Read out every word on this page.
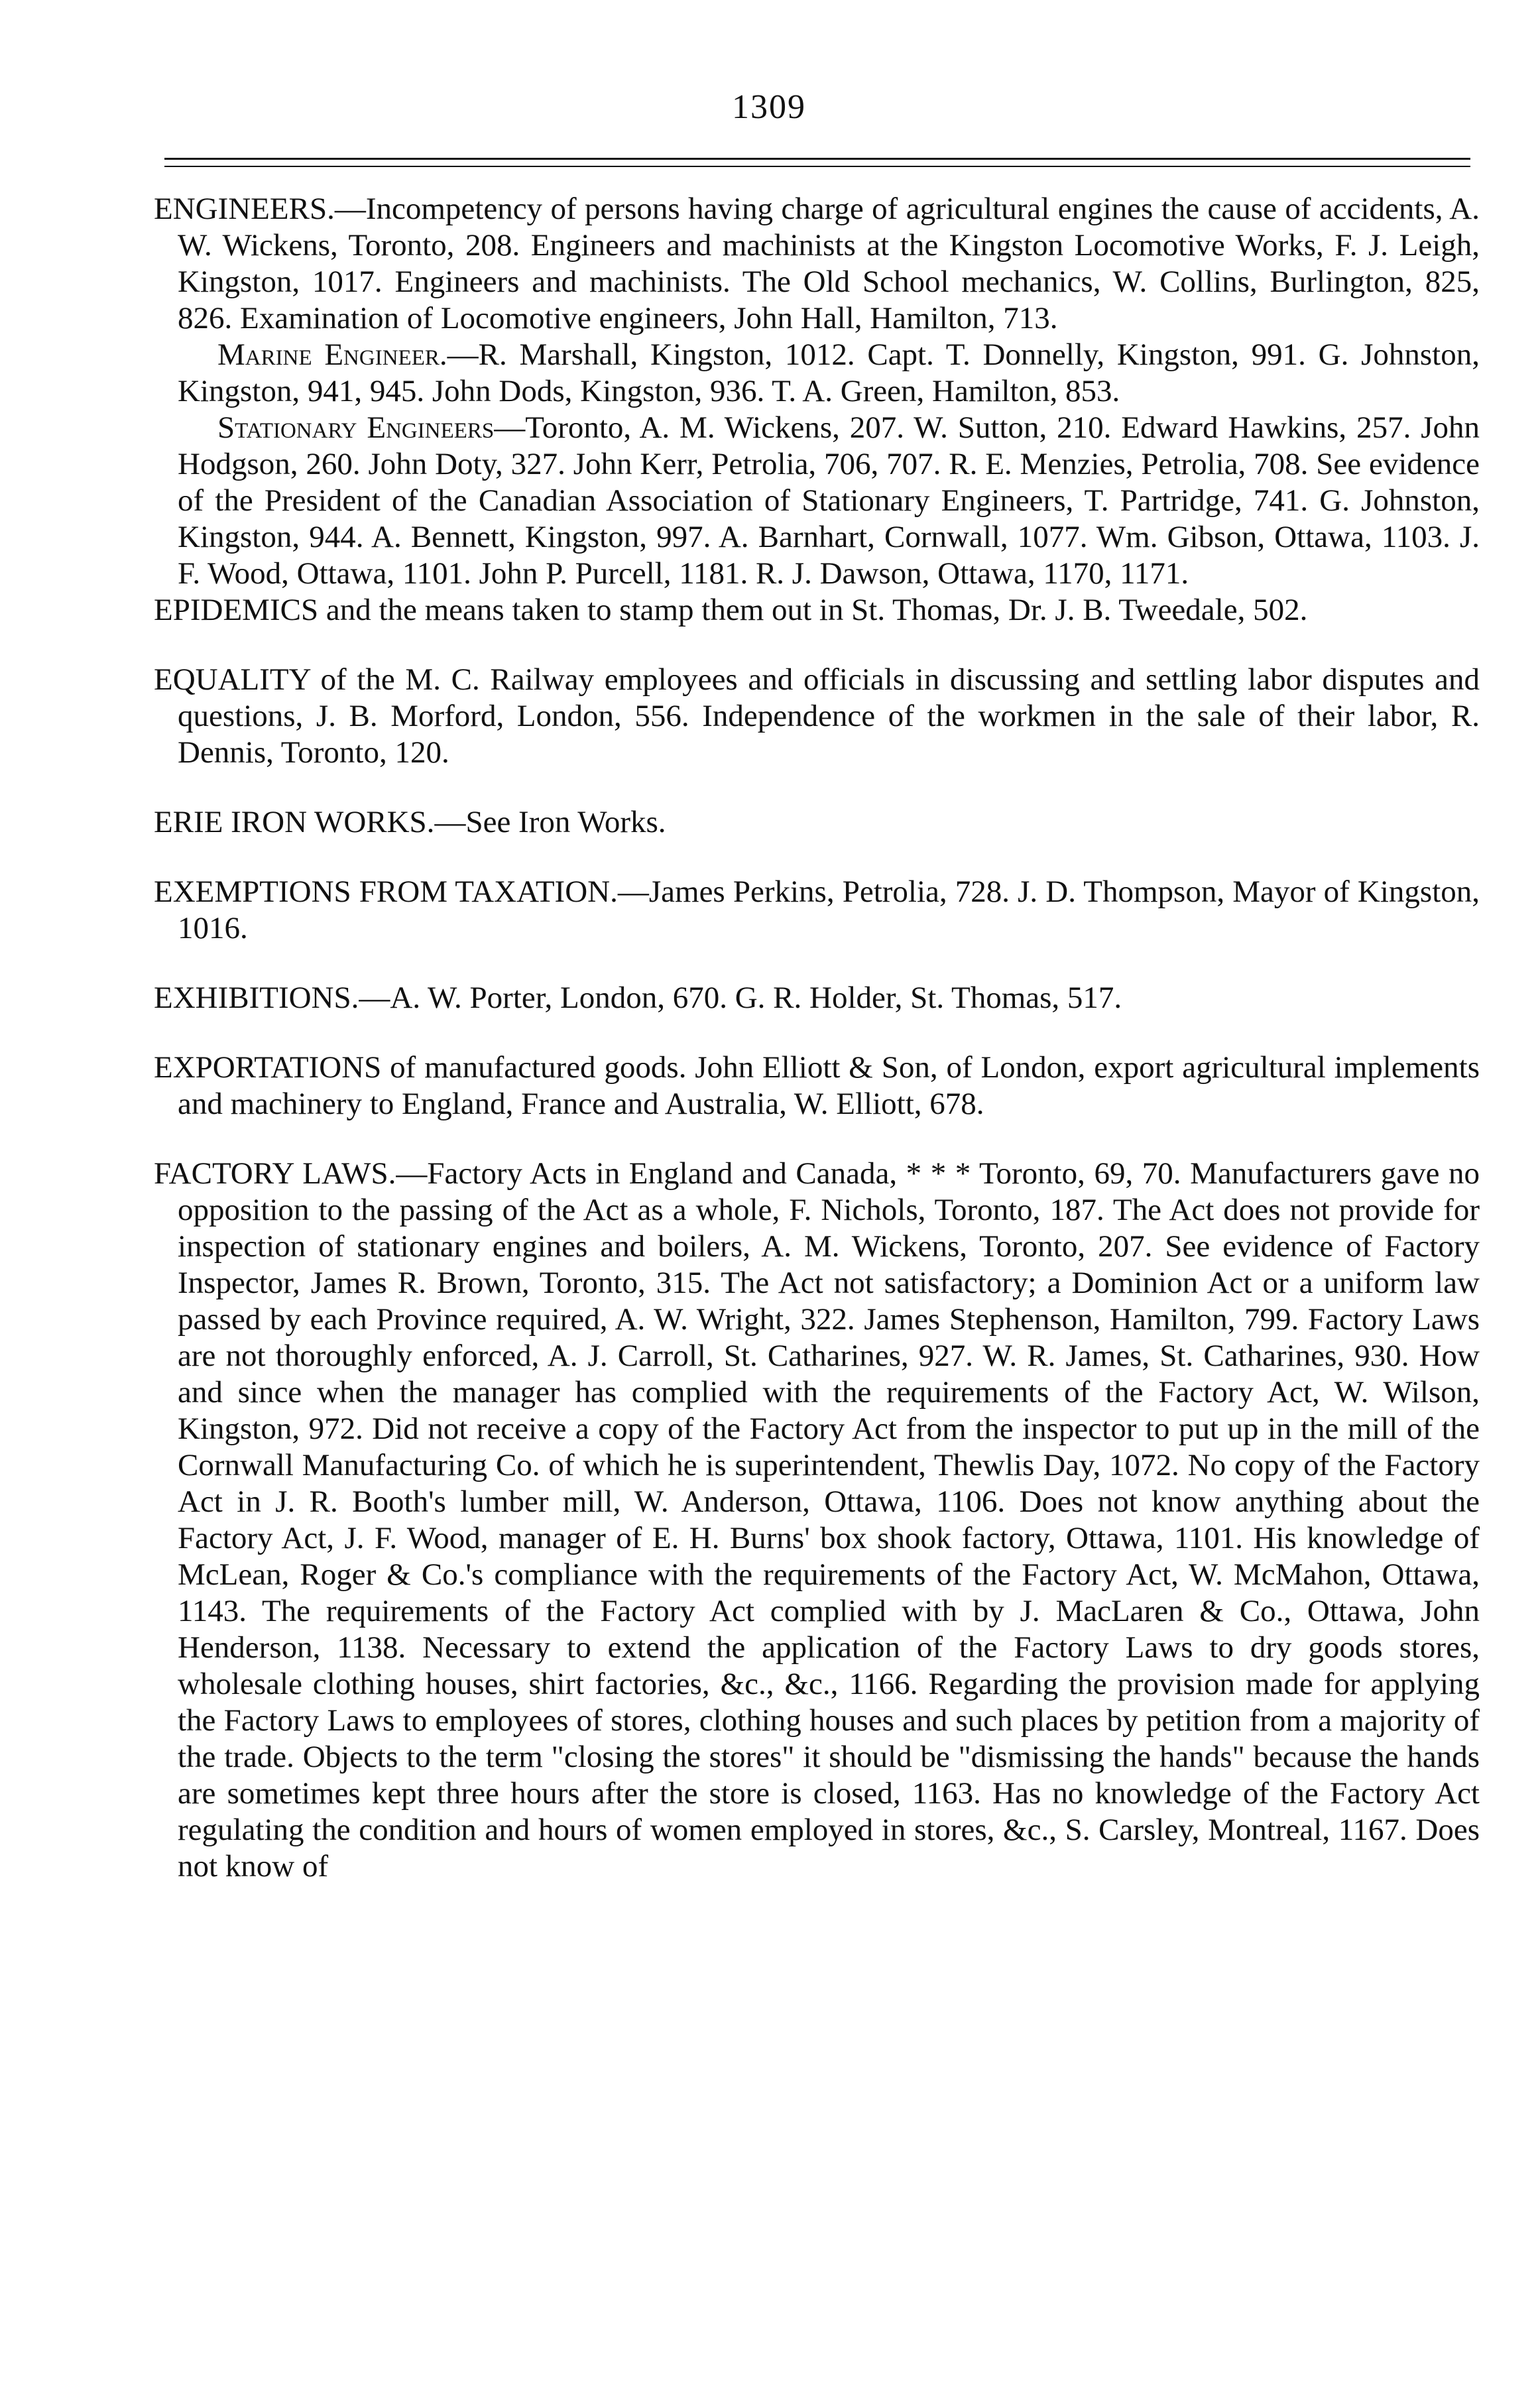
1309

ENGINEERS.—Incompetency of persons having charge of agricultural engines the cause of accidents, A. W. Wickens, Toronto, 208. Engineers and machinists at the Kingston Locomotive Works, F. J. Leigh, Kingston, 1017. Engineers and machinists. The Old School mechanics, W. Collins, Burlington, 825, 826. Examination of Locomotive engineers, John Hall, Hamilton, 713.

Marine Engineer.—R. Marshall, Kingston, 1012. Capt. T. Donnelly, Kingston, 991. G. Johnston, Kingston, 941, 945. John Dods, Kingston, 936. T. A. Green, Hamilton, 853.

Stationary Engineers—Toronto, A. M. Wickens, 207. W. Sutton, 210. Edward Hawkins, 257. John Hodgson, 260. John Doty, 327. John Kerr, Petrolia, 706, 707. R. E. Menzies, Petrolia, 708. See evidence of the President of the Canadian Association of Stationary Engineers, T. Partridge, 741. G. Johnston, Kingston, 944. A. Bennett, Kingston, 997. A. Barnhart, Cornwall, 1077. Wm. Gibson, Ottawa, 1103. J. F. Wood, Ottawa, 1101. John P. Purcell, 1181. R. J. Dawson, Ottawa, 1170, 1171.

EPIDEMICS and the means taken to stamp them out in St. Thomas, Dr. J. B. Tweedale, 502.

EQUALITY of the M. C. Railway employees and officials in discussing and settling labor disputes and questions, J. B. Morford, London, 556. Independence of the workmen in the sale of their labor, R. Dennis, Toronto, 120.

ERIE IRON WORKS.—See Iron Works.

EXEMPTIONS FROM TAXATION.—James Perkins, Petrolia, 728. J. D. Thompson, Mayor of Kingston, 1016.

EXHIBITIONS.—A. W. Porter, London, 670. G. R. Holder, St. Thomas, 517.

EXPORTATIONS of manufactured goods. John Elliott & Son, of London, export agricultural implements and machinery to England, France and Australia, W. Elliott, 678.

FACTORY LAWS.—Factory Acts in England and Canada, * * * Toronto, 69, 70. Manufacturers gave no opposition to the passing of the Act as a whole, F. Nichols, Toronto, 187. The Act does not provide for inspection of stationary engines and boilers, A. M. Wickens, Toronto, 207. See evidence of Factory Inspector, James R. Brown, Toronto, 315. The Act not satisfactory; a Dominion Act or a uniform law passed by each Province required, A. W. Wright, 322. James Stephenson, Hamilton, 799. Factory Laws are not thoroughly enforced, A. J. Carroll, St. Catharines, 927. W. R. James, St. Catharines, 930. How and since when the manager has complied with the requirements of the Factory Act, W. Wilson, Kingston, 972. Did not receive a copy of the Factory Act from the inspector to put up in the mill of the Cornwall Manufacturing Co. of which he is superintendent, Thewlis Day, 1072. No copy of the Factory Act in J. R. Booth's lumber mill, W. Anderson, Ottawa, 1106. Does not know anything about the Factory Act, J. F. Wood, manager of E. H. Burns' box shook factory, Ottawa, 1101. His knowledge of McLean, Roger & Co.'s compliance with the requirements of the Factory Act, W. McMahon, Ottawa, 1143. The requirements of the Factory Act complied with by J. MacLaren & Co., Ottawa, John Henderson, 1138. Necessary to extend the application of the Factory Laws to dry goods stores, wholesale clothing houses, shirt factories, &c., &c., 1166. Regarding the provision made for applying the Factory Laws to employees of stores, clothing houses and such places by petition from a majority of the trade. Objects to the term "closing the stores" it should be "dismissing the hands" because the hands are sometimes kept three hours after the store is closed, 1163. Has no knowledge of the Factory Act regulating the condition and hours of women employed in stores, &c., S. Carsley, Montreal, 1167. Does not know of
